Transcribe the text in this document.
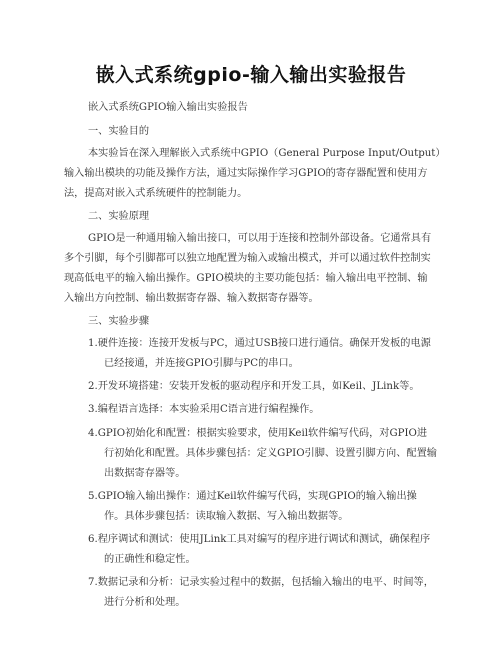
嵌入式系统gpio-输入输出实验报告
嵌入式系统GPIO输入输出实验报告
一、实验目的
本实验旨在深入理解嵌入式系统中GPIO（General Purpose Input/Output）
输入输出模块的功能及操作方法，通过实际操作学习GPIO的寄存器配置和使用方
法，提高对嵌入式系统硬件的控制能力。
二、实验原理
GPIO是一种通用输入输出接口，可以用于连接和控制外部设备。它通常具有
多个引脚，每个引脚都可以独立地配置为输入或输出模式，并可以通过软件控制实
现高低电平的输入输出操作。GPIO模块的主要功能包括：输入输出电平控制、输
入输出方向控制、输出数据寄存器、输入数据寄存器等。
三、实验步骤
1.硬件连接：连接开发板与PC，通过USB接口进行通信。确保开发板的电源
已经接通，并连接GPIO引脚与PC的串口。
2.开发环境搭建：安装开发板的驱动程序和开发工具，如Keil、JLink等。
3.编程语言选择：本实验采用C语言进行编程操作。
4.GPIO初始化和配置：根据实验要求，使用Keil软件编写代码，对GPIO进
行初始化和配置。具体步骤包括：定义GPIO引脚、设置引脚方向、配置输
出数据寄存器等。
5.GPIO输入输出操作：通过Keil软件编写代码，实现GPIO的输入输出操
作。具体步骤包括：读取输入数据、写入输出数据等。
6.程序调试和测试：使用JLink工具对编写的程序进行调试和测试，确保程序
的正确性和稳定性。
7.数据记录和分析：记录实验过程中的数据，包括输入输出的电平、时间等，
进行分析和处理。
